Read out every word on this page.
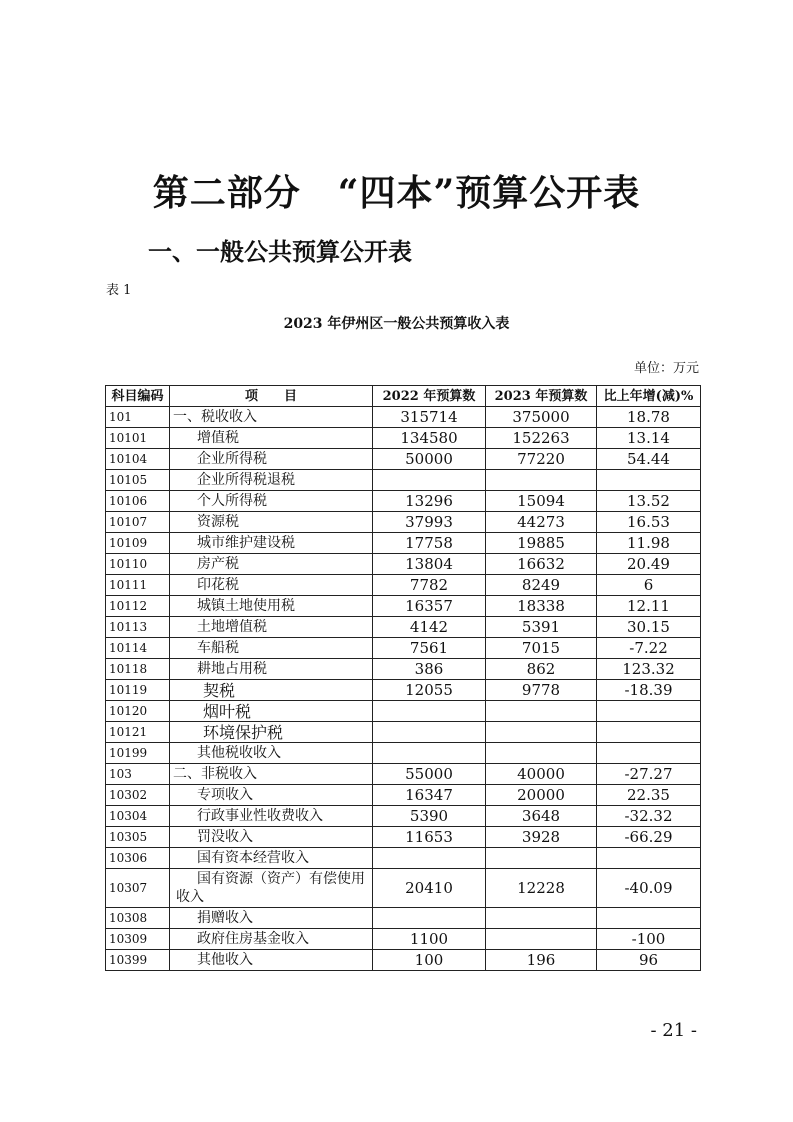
第二部分　“四本”预算公开表
一、一般公共预算公开表
表 1
2023 年伊州区一般公共预算收入表
单位：万元
科目编码	项　　目	2022 年预算数	2023 年预算数	比上年增(减)%
101	一、税收收入	315714	375000	18.78
10101	增值税	134580	152263	13.14
10104	企业所得税	50000	77220	54.44
10105	企业所得税退税			
10106	个人所得税	13296	15094	13.52
10107	资源税	37993	44273	16.53
10109	城市维护建设税	17758	19885	11.98
10110	房产税	13804	16632	20.49
10111	印花税	7782	8249	6
10112	城镇土地使用税	16357	18338	12.11
10113	土地增值税	4142	5391	30.15
10114	车船税	7561	7015	-7.22
10118	耕地占用税	386	862	123.32
10119	契税	12055	9778	-18.39
10120	烟叶税			
10121	环境保护税			
10199	其他税收收入			
103	二、非税收入	55000	40000	-27.27
10302	专项收入	16347	20000	22.35
10304	行政事业性收费收入	5390	3648	-32.32
10305	罚没收入	11653	3928	-66.29
10306	国有资本经营收入			
10307	国有资源（资产）有偿使用收入	20410	12228	-40.09
10308	捐赠收入			
10309	政府住房基金收入	1100		-100
10399	其他收入	100	196	96
- 21 -
